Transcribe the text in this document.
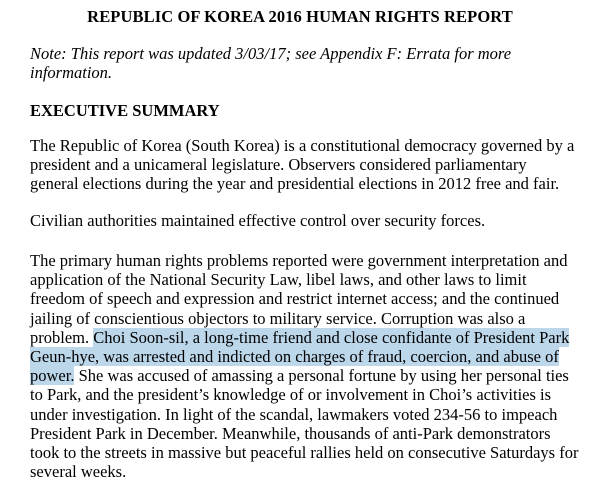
REPUBLIC OF KOREA 2016 HUMAN RIGHTS REPORT
Note: This report was updated 3/03/17; see Appendix F: Errata for more
information.
EXECUTIVE SUMMARY
The Republic of Korea (South Korea) is a constitutional democracy governed by a
president and a unicameral legislature. Observers considered parliamentary
general elections during the year and presidential elections in 2012 free and fair.
Civilian authorities maintained effective control over security forces.
The primary human rights problems reported were government interpretation and
application of the National Security Law, libel laws, and other laws to limit
freedom of speech and expression and restrict internet access; and the continued
jailing of conscientious objectors to military service. Corruption was also a
problem. Choi Soon-sil, a long-time friend and close confidante of President Park
Geun-hye, was arrested and indicted on charges of fraud, coercion, and abuse of
power. She was accused of amassing a personal fortune by using her personal ties
to Park, and the president’s knowledge of or involvement in Choi’s activities is
under investigation. In light of the scandal, lawmakers voted 234-56 to impeach
President Park in December. Meanwhile, thousands of anti-Park demonstrators
took to the streets in massive but peaceful rallies held on consecutive Saturdays for
several weeks.
